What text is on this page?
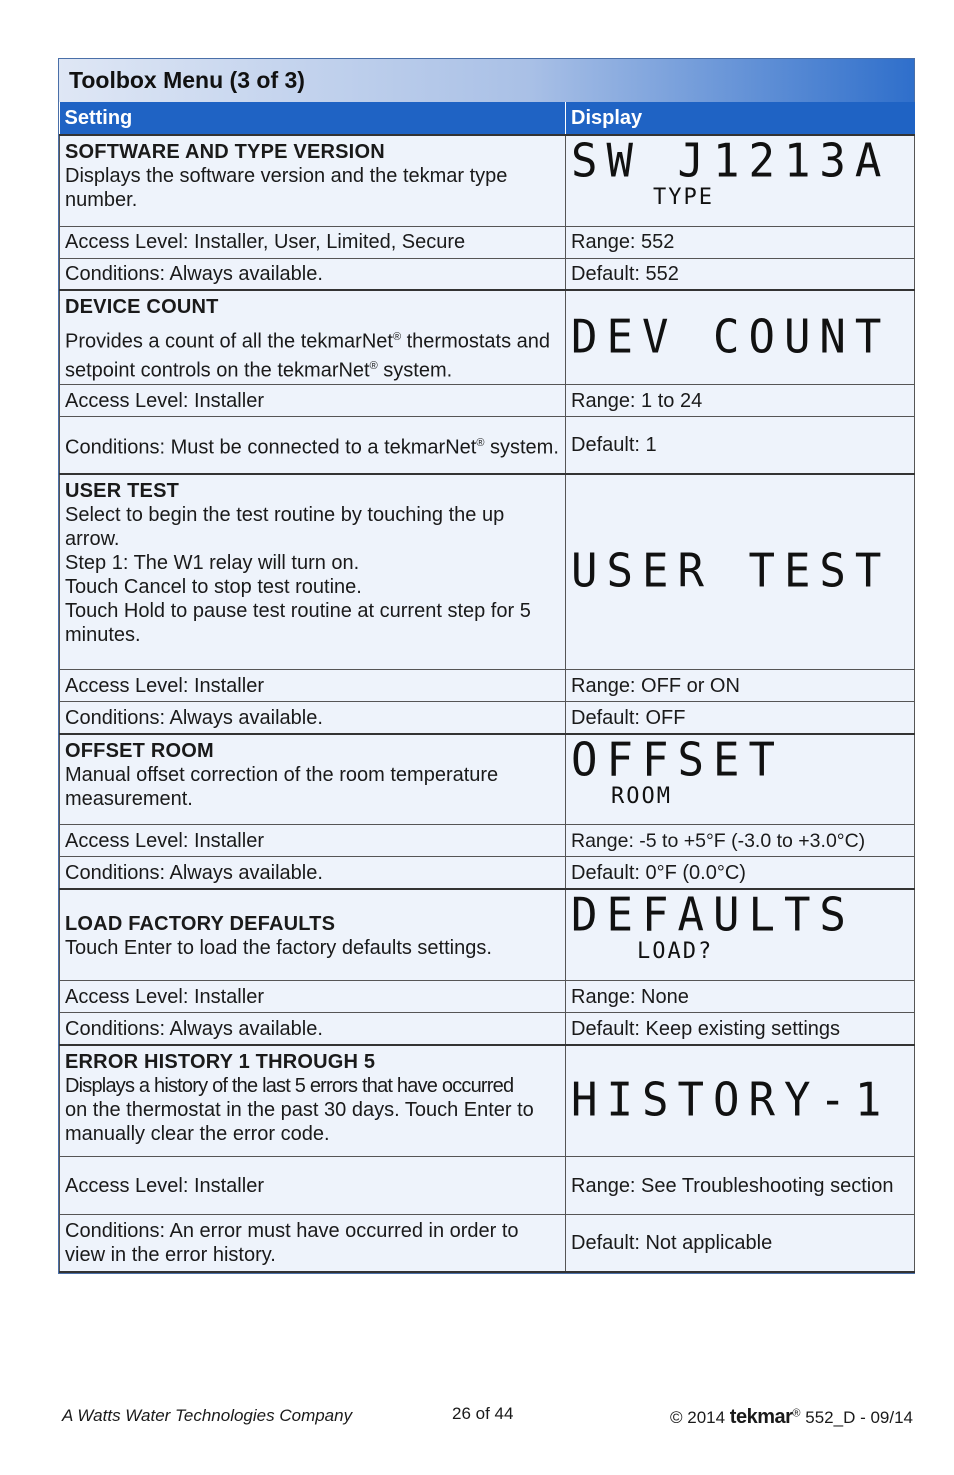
Toolbox Menu (3 of 3)
Setting	Display

SOFTWARE AND TYPE VERSION
Displays the software version and the tekmar type number.	SW J1213A
TYPE

Access Level: Installer, User, Limited, Secure	Range: 552
Conditions: Always available.	Default: 552

DEVICE COUNT
Provides a count of all the tekmarNet® thermostats and setpoint controls on the tekmarNet® system.	DEV COUNT

Access Level: Installer	Range: 1 to 24
Conditions: Must be connected to a tekmarNet® system.	Default: 1

USER TEST
Select to begin the test routine by touching the up arrow.
Step 1: The W1 relay will turn on.
Touch Cancel to stop test routine.
Touch Hold to pause test routine at current step for 5 minutes.	USER TEST

Access Level: Installer	Range: OFF or ON
Conditions: Always available.	Default: OFF

OFFSET ROOM
Manual offset correction of the room temperature measurement.	OFFSET
ROOM

Access Level: Installer	Range: -5 to +5°F (-3.0 to +3.0°C)
Conditions: Always available.	Default: 0°F (0.0°C)

LOAD FACTORY DEFAULTS
Touch Enter to load the factory defaults settings.	DEFAULTS
LOAD?

Access Level: Installer	Range: None
Conditions: Always available.	Default: Keep existing settings

ERROR HISTORY 1 THROUGH 5
Displays a history of the last 5 errors that have occurred
on the thermostat in the past 30 days. Touch Enter to manually clear the error code.	HISTORY-1

Access Level: Installer	Range: See Troubleshooting section
Conditions: An error must have occurred in order to view in the error history.	Default: Not applicable
A Watts Water Technologies Company	26 of 44	© 2014 tekmar® 552_D - 09/14
